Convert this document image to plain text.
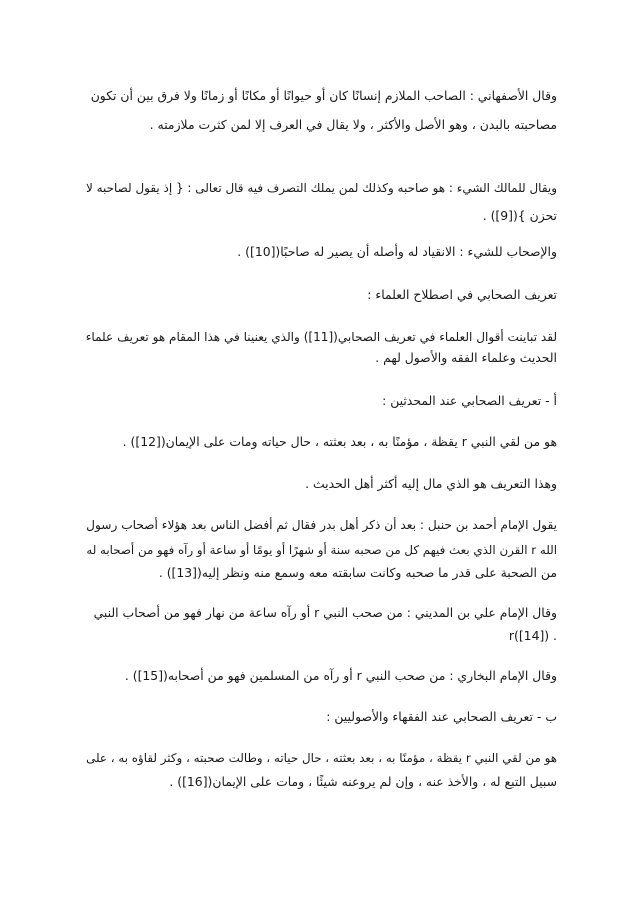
وقال الأصفهاني : الصاحب الملازم إنسانًا كان أو حيوانًا أو مكانًا أو زمانًا ولا فرق بين أن تكون
مصاحبته بالبدن ، وهو الأصل والأكثر ، ولا يقال في العرف إلا لمن كثرت ملازمته .
ويقال للمالك الشيء : هو صاحبه وكذلك لمن يملك التصرف فيه قال تعالى : { إذ يقول لصاحبه لا
تحزن }([9]) .
والإصحاب للشيء : الانقياد له وأصله أن يصير له صاحبًا([10]) .
تعريف الصحابي في اصطلاح العلماء :
لقد تباينت أقوال العلماء في تعريف الصحابي([11]) والذي يعنينا في هذا المقام هو تعريف علماء
الحديث وعلماء الفقه والأصول لهم .
أ - تعريف الصحابي عند المحدثين :
هو من لقي النبي r يقظة ، مؤمنًا به ، بعد بعثته ، حال حياته ومات على الإيمان([12]) .
وهذا التعريف هو الذي مال إليه أكثر أهل الحديث .
يقول الإمام أحمد بن حنبل : بعد أن ذكر أهل بدر فقال ثم أفضل الناس بعد هؤلاء أصحاب رسول
الله r القرن الذي بعث فيهم كل من صحبه سنة أو شهرًا أو يومًا أو ساعة أو رآه فهو من أصحابه له
من الصحبة على قدر ما صحبه وكانت سابقته معه وسمع منه ونظر إليه([13]) .
وقال الإمام علي بن المديني : من صحب النبي r أو رآه ساعة من نهار فهو من أصحاب النبي
r([14]) .
وقال الإمام البخاري : من صحب النبي r أو رآه من المسلمين فهو من أصحابه([15]) .
ب - تعريف الصحابي عند الفقهاء والأصوليين :
هو من لقي النبي r يقظة ، مؤمنًا به ، بعد بعثته ، حال حياته ، وطالت صحبته ، وكثر لقاؤه به ، على
سبيل التبع له ، والأخذ عنه ، وإن لم يروعنه شيئًا ، ومات على الإيمان([16]) .
